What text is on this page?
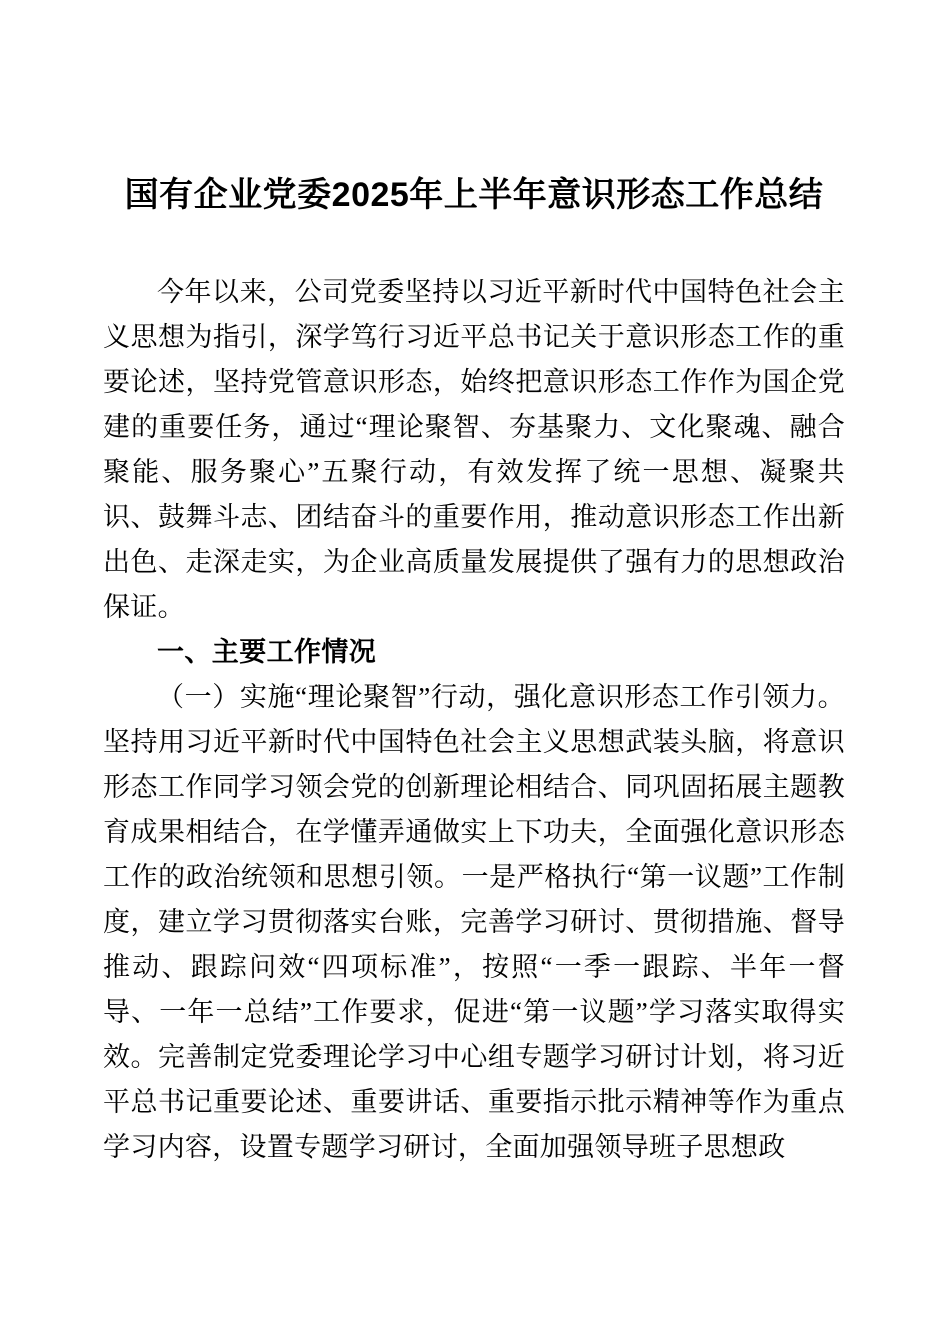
国有企业党委2025年上半年意识形态工作总结

今年以来，公司党委坚持以习近平新时代中国特色社会主义思想为指引，深学笃行习近平总书记关于意识形态工作的重要论述，坚持党管意识形态，始终把意识形态工作作为国企党建的重要任务，通过“理论聚智、夯基聚力、文化聚魂、融合聚能、服务聚心”五聚行动，有效发挥了统一思想、凝聚共识、鼓舞斗志、团结奋斗的重要作用，推动意识形态工作出新出色、走深走实，为企业高质量发展提供了强有力的思想政治保证。

一、主要工作情况

（一）实施“理论聚智”行动，强化意识形态工作引领力。坚持用习近平新时代中国特色社会主义思想武装头脑，将意识形态工作同学习领会党的创新理论相结合、同巩固拓展主题教育成果相结合，在学懂弄通做实上下功夫，全面强化意识形态工作的政治统领和思想引领。一是严格执行“第一议题”工作制度，建立学习贯彻落实台账，完善学习研讨、贯彻措施、督导推动、跟踪问效“四项标准”，按照“一季一跟踪、半年一督导、一年一总结”工作要求，促进“第一议题”学习落实取得实效。完善制定党委理论学习中心组专题学习研讨计划，将习近平总书记重要论述、重要讲话、重要指示批示精神等作为重点学习内容，设置专题学习研讨，全面加强领导班子思想政
